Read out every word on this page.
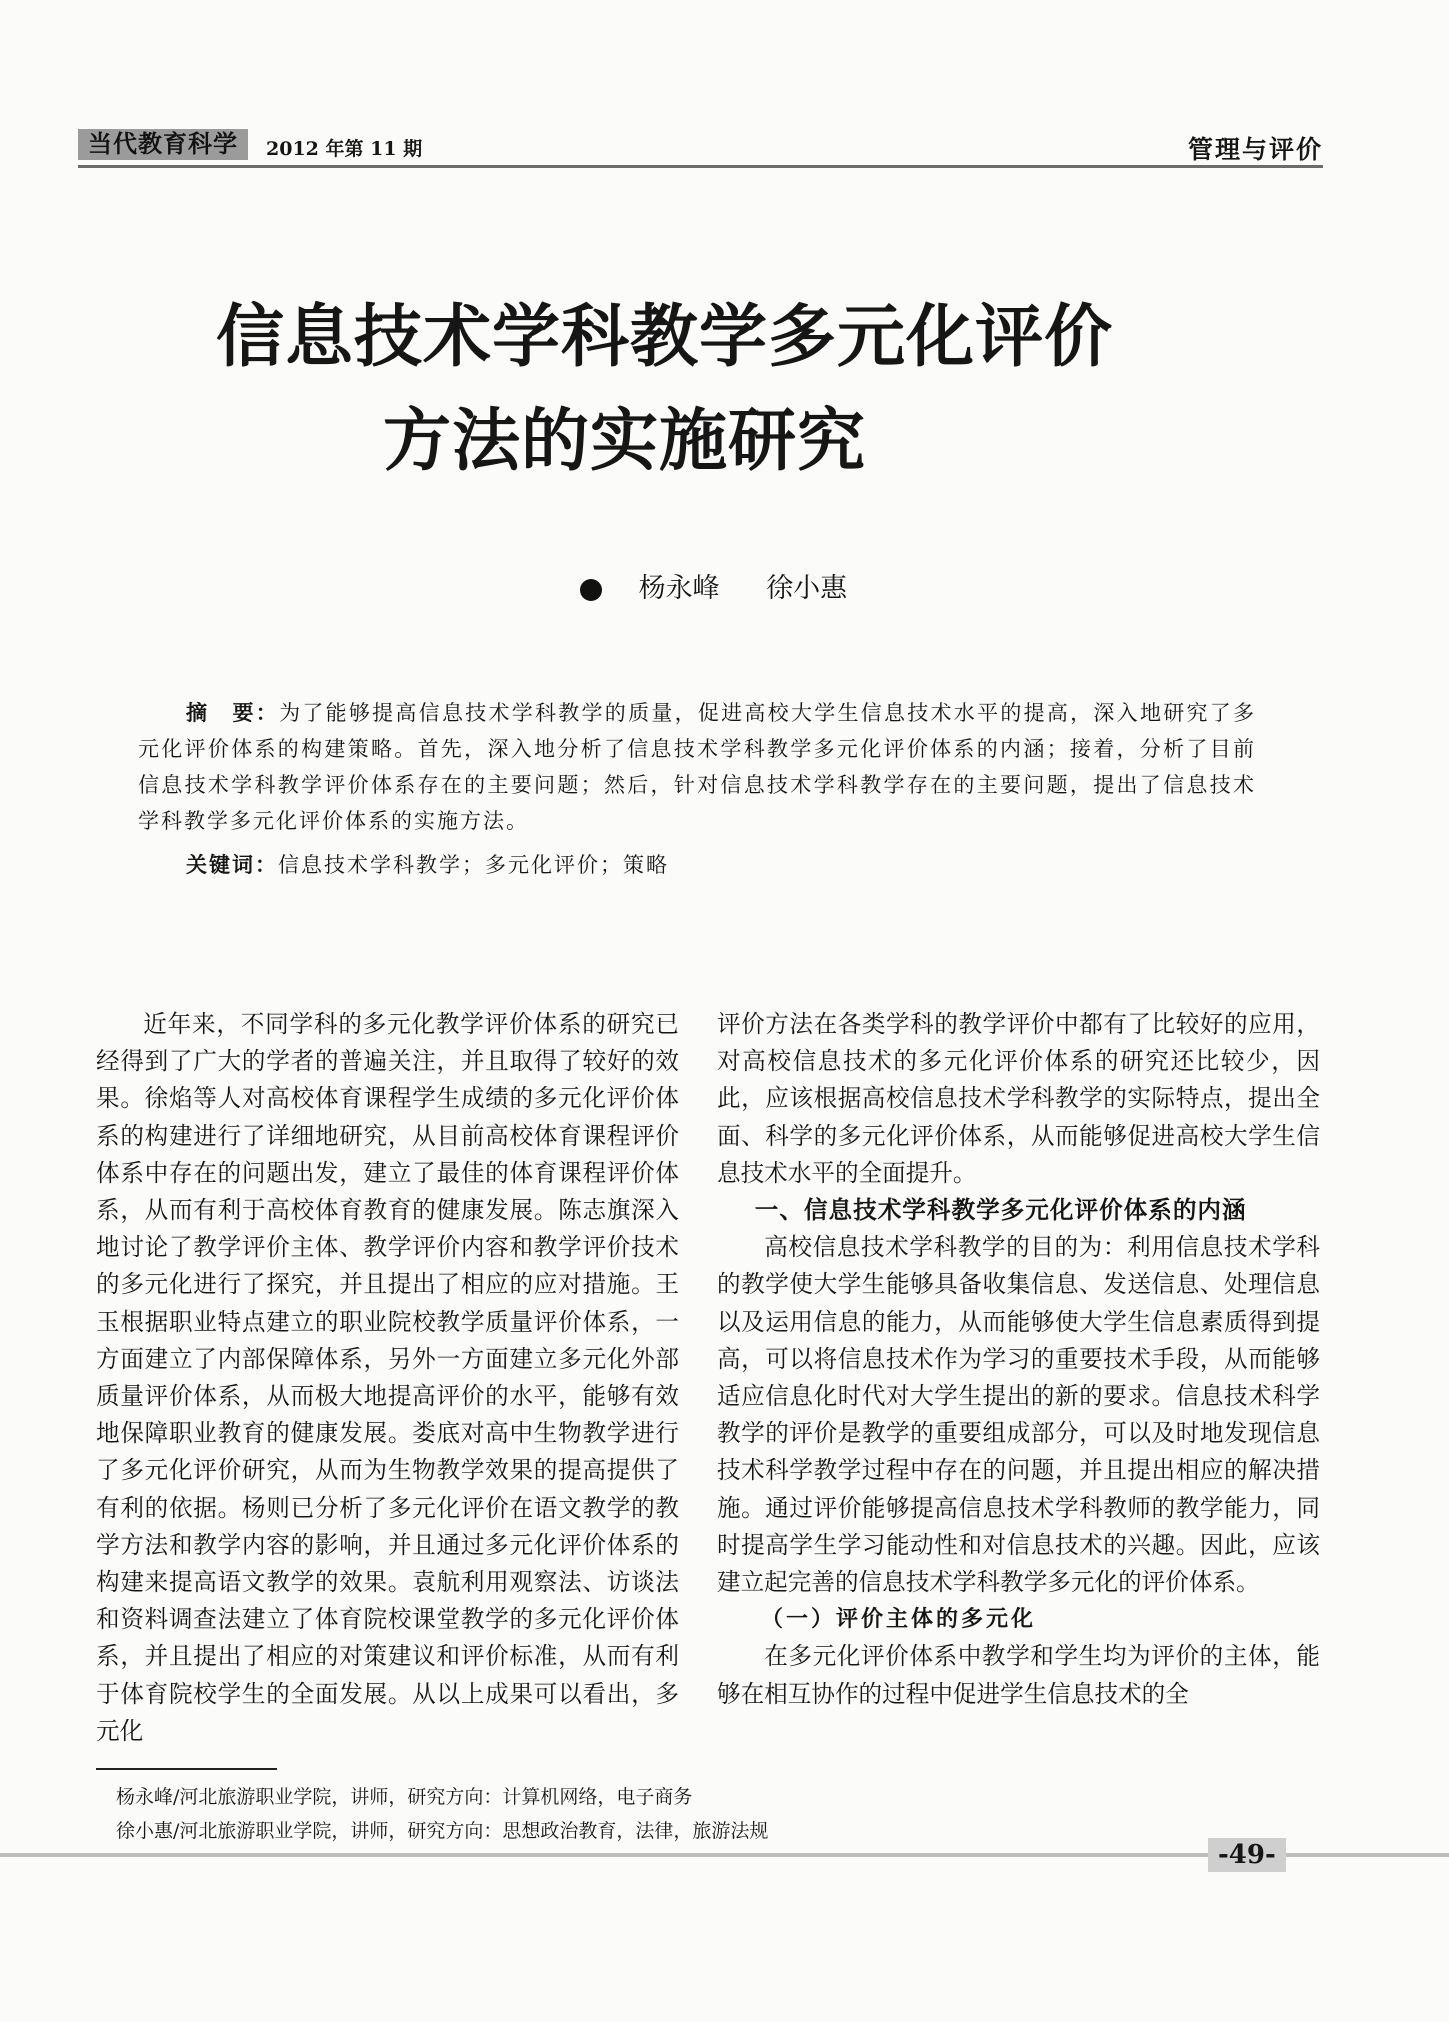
当代教育科学	2012 年第 11 期	管理与评价
信息技术学科教学多元化评价
方法的实施研究
杨永峰 徐小惠
摘　要：为了能够提高信息技术学科教学的质量，促进高校大学生信息技术水平的提高，深入地研究了多元化评价体系的构建策略。首先，深入地分析了信息技术学科教学多元化评价体系的内涵；接着，分析了目前信息技术学科教学评价体系存在的主要问题；然后，针对信息技术学科教学存在的主要问题，提出了信息技术学科教学多元化评价体系的实施方法。
关键词：信息技术学科教学；多元化评价；策略

近年来，不同学科的多元化教学评价体系的研究已经得到了广大的学者的普遍关注，并且取得了较好的效果。徐焰等人对高校体育课程学生成绩的多元化评价体系的构建进行了详细地研究，从目前高校体育课程评价体系中存在的问题出发，建立了最佳的体育课程评价体系，从而有利于高校体育教育的健康发展。陈志旗深入地讨论了教学评价主体、教学评价内容和教学评价技术的多元化进行了探究，并且提出了相应的应对措施。王玉根据职业特点建立的职业院校教学质量评价体系，一方面建立了内部保障体系，另外一方面建立多元化外部质量评价体系，从而极大地提高评价的水平，能够有效地保障职业教育的健康发展。娄底对高中生物教学进行了多元化评价研究，从而为生物教学效果的提高提供了有利的依据。杨则已分析了多元化评价在语文教学的教学方法和教学内容的影响，并且通过多元化评价体系的构建来提高语文教学的效果。袁航利用观察法、访谈法和资料调查法建立了体育院校课堂教学的多元化评价体系，并且提出了相应的对策建议和评价标准，从而有利于体育院校学生的全面发展。从以上成果可以看出，多元化

评价方法在各类学科的教学评价中都有了比较好的应用，对高校信息技术的多元化评价体系的研究还比较少，因此，应该根据高校信息技术学科教学的实际特点，提出全面、科学的多元化评价体系，从而能够促进高校大学生信息技术水平的全面提升。

一、信息技术学科教学多元化评价体系的内涵

高校信息技术学科教学的目的为：利用信息技术学科的教学使大学生能够具备收集信息、发送信息、处理信息以及运用信息的能力，从而能够使大学生信息素质得到提高，可以将信息技术作为学习的重要技术手段，从而能够适应信息化时代对大学生提出的新的要求。信息技术科学教学的评价是教学的重要组成部分，可以及时地发现信息技术科学教学过程中存在的问题，并且提出相应的解决措施。通过评价能够提高信息技术学科教师的教学能力，同时提高学生学习能动性和对信息技术的兴趣。因此，应该建立起完善的信息技术学科教学多元化的评价体系。

（一）评价主体的多元化

在多元化评价体系中教学和学生均为评价的主体，能够在相互协作的过程中促进学生信息技术的全

杨永峰/河北旅游职业学院，讲师，研究方向：计算机网络，电子商务
徐小惠/河北旅游职业学院，讲师，研究方向：思想政治教育，法律，旅游法规
-49-
